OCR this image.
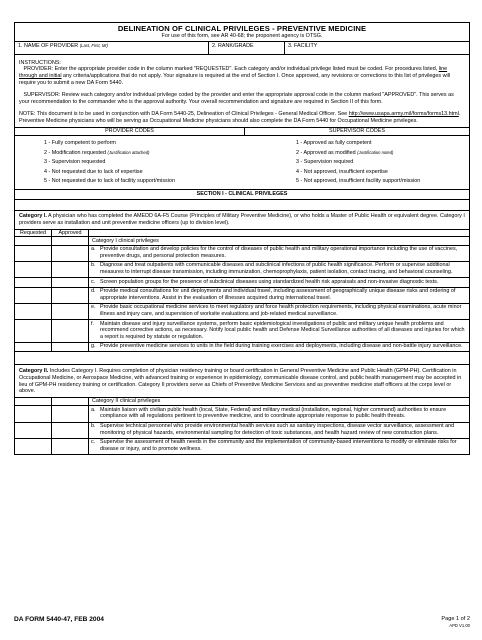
DELINEATION OF CLINICAL PRIVILEGES - PREVENTIVE MEDICINE
For use of this form, see AR 40-68; the proponent agency is OTSG.
1. NAME OF PROVIDER (Last, First, MI)	2. RANK/GRADE	3. FACILITY

INSTRUCTIONS:

PROVIDER: Enter the appropriate provider code in the column marked "REQUESTED". Each category and/or individual privilege listed must be coded. For procedures listed, line through and initial any criteria/applications that do not apply. Your signature is required at the end of Section I. Once approved, any revisions or corrections to this list of privileges will require you to submit a new DA Form 5440.

SUPERVISOR: Review each category and/or individual privilege coded by the provider and enter the appropriate approval code in the column marked "APPROVED". This serves as your recommendation to the commander who is the approval authority. Your overall recommendation and signature are required in Section II of this form.

NOTE: This document is to be used in conjunction with DA Form 5440-25, Delineation of Clinical Privileges - General Medical Officer. See http://www.usapa.army.mil/forms/forms13.html. Preventive Medicine physicians who will be serving as Occupational Medicine physicians should also complete the DA Form 5440 for Occupational Medicine privileges.

PROVIDER CODES	SUPERVISOR CODES
1 - Fully competent to perform
2 - Modification requested (Justification attached)
3 - Supervision requested
4 - Not requested due to lack of expertise
5 - Not requested due to lack of facility support/mission
1 - Approved as fully competent
2 - Approved as modified (Justification noted)
3 - Supervision required
4 - Not approved, insufficient expertise
5 - Not approved, insufficient facility support/mission
SECTION I - CLINICAL PRIVILEGES
Category I. A physician who has completed the AMEDD 6A-F5 Course (Principles of Military Preventive Medicine), or who holds a Master of Public Health or equivalent degree. Category I providers serve as installation and unit preventive medicine officers (up to division level).
Requested	Approved
Category I clinical privileges
a. Provide consultation and develop policies for the control of diseases of public health and military operational importance including the use of vaccines, preventive drugs, and personal protection measures.
b. Diagnose and treat outpatients with communicable diseases and subclinical infections of public health significance. Perform or supervise additional measures to interrupt disease transmission, including immunization, chemoprophylaxis, patient isolation, contact tracing, and behavioral counseling.
c. Screen population groups for the presence of subclinical diseases using standardized health risk appraisals and non-invasive diagnostic tests.
d. Provide medical consultations for unit deployments and individual travel, including assessment of geographically unique disease risks and ordering of appropriate interventions. Assist in the evaluation of illnesses acquired during international travel.
e. Provide basic occupational medicine services to meet regulatory and force health protection requirements, including physical examinations, acute minor illness and injury care, and supervision of worksite evaluations and job-related medical surveillance.
f.	Maintain disease and injury surveillance systems, perform basic epidemiological investigations of public and military unique health problems and recommend corrective actions, as necessary. Notify local public health and Defense Medical Surveillance authorities of all diseases and injuries for which a report is required by statute or regulation.
g. Provide preventive medicine services to units in the field during training exercises and deployments, including disease and non-battle injury surveillance.
Category II. Includes Category I. Requires completion of physician residency training or board certification in General Preventive Medicine and Public Health (GPM-PH). Certification in Occupational Medicine, or Aerospace Medicine, with advanced training or experience in epidemiology, communicable disease control, and public health management may be accepted in lieu of GPM-PH residency training or certification. Category II providers serve as Chiefs of Preventive Medicine Services and as preventive medicine staff officers at the corps level or above.
Category II clinical privileges
a. Maintain liaison with civilian public health (local, State, Federal) and military medical (installation, regional, higher command) authorities to ensure compliance with all regulations pertinent to preventive medicine, and to coordinate appropriate response to public health threats.
b. Supervise technical personnel who provide environmental health services such as sanitary inspections, disease vector surveillance, assessment and monitoring of physical hazards, environmental sampling for detection of toxic substances, and health hazard review of new construction plans.
c. Supervise the assessment of health needs in the community and the implementation of community-based interventions to modify or eliminate risks for disease or injury, and to promote wellness.
DA FORM 5440-47, FEB 2004	Page 1 of 2
APD V1.00
